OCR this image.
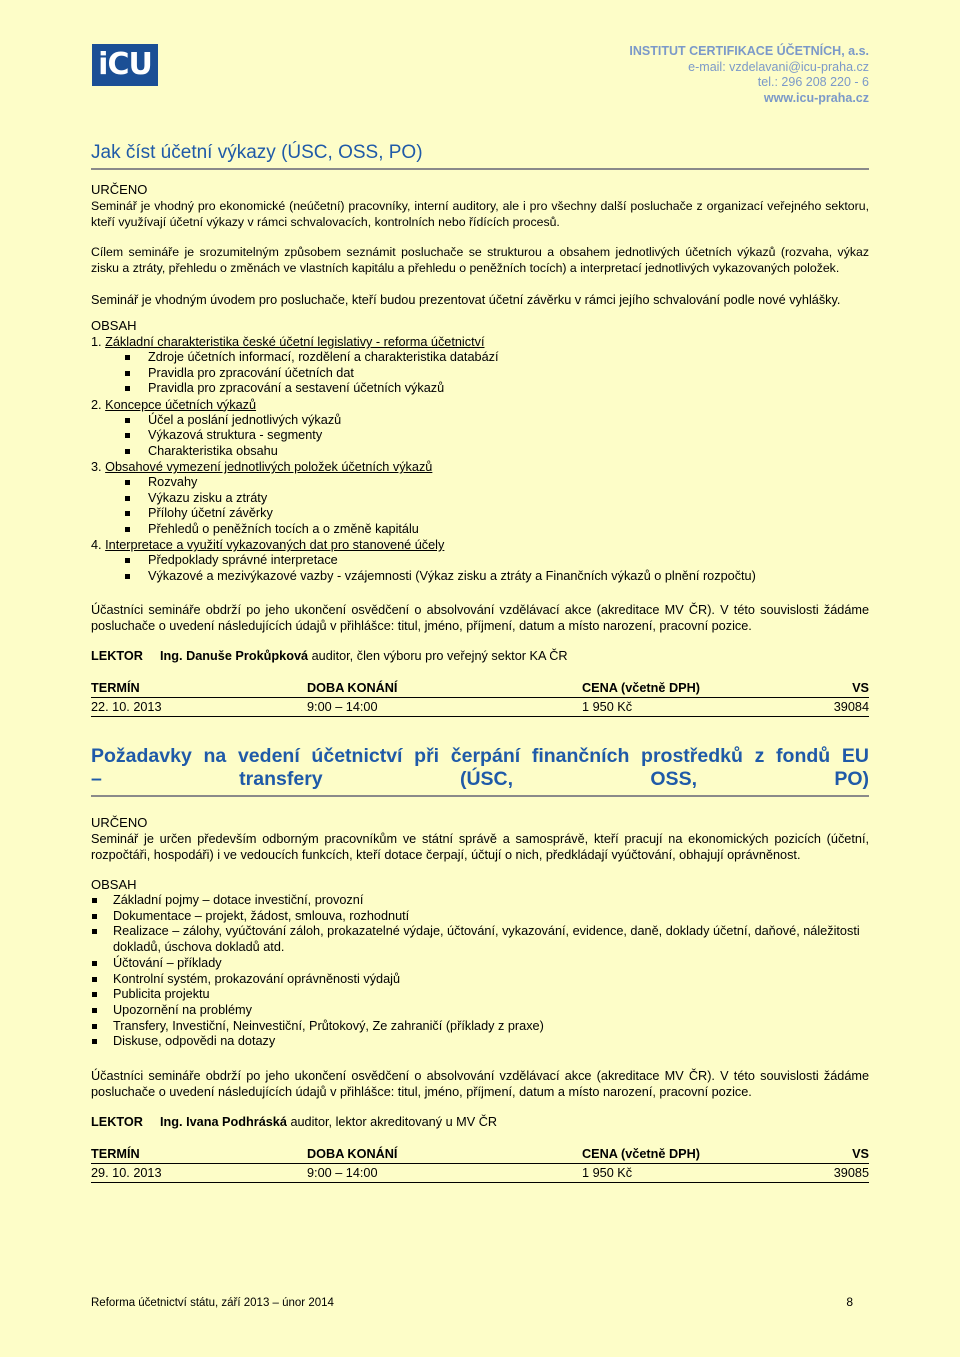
iCU	INSTITUT CERTIFIKACE ÚČETNÍCH, a.s.
e-mail: vzdelavani@icu-praha.cz
tel.: 296 208 220 - 6
www.icu-praha.cz
Jak číst účetní výkazy (ÚSC, OSS, PO)

URČENO

Seminář je vhodný pro ekonomické (neúčetní) pracovníky, interní auditory, ale i pro všechny další posluchače z organizací veřejného sektoru, kteří využívají účetní výkazy v rámci schvalovacích, kontrolních nebo řídících procesů.

Cílem semináře je srozumitelným způsobem seznámit posluchače se strukturou a obsahem jednotlivých účetních výkazů (rozvaha, výkaz zisku a ztráty, přehledu o změnách ve vlastních kapitálu a přehledu o peněžních tocích) a interpretací jednotlivých vykazovaných položek.

Seminář je vhodným úvodem pro posluchače, kteří budou prezentovat účetní závěrku v rámci jejího schvalování podle nové vyhlášky.

OBSAH

1. Základní charakteristika české účetní legislativy - reforma účetnictví

Zdroje účetních informací, rozdělení a charakteristika databází
Pravidla pro zpracování účetních dat
Pravidla pro zpracování a sestavení účetních výkazů

2. Koncepce účetních výkazů

Účel a poslání jednotlivých výkazů
Výkazová struktura - segmenty
Charakteristika obsahu

3. Obsahové vymezení jednotlivých položek účetních výkazů

Rozvahy
Výkazu zisku a ztráty
Přílohy účetní závěrky
Přehledů o peněžních tocích a o změně kapitálu

4. Interpretace a využití vykazovaných dat pro stanovené účely

Předpoklady správné interpretace
Výkazové a mezivýkazové vazby - vzájemnosti (Výkaz zisku a ztráty a Finančních výkazů o plnění rozpočtu)

Účastníci semináře obdrží po jeho ukončení osvědčení o absolvování vzdělávací akce (akreditace MV ČR). V této souvislosti žádáme posluchače o uvedení následujících údajů v přihlášce: titul, jméno, příjmení, datum a místo narození, pracovní pozice.

LEKTOR Ing. Danuše Prokůpková auditor, člen výboru pro veřejný sektor KA ČR

TERMÍN	DOBA KONÁNÍ	CENA (včetně DPH)	VS
22. 10. 2013	9:00 – 14:00	1 950 Kč	39084
Požadavky na vedení účetnictví při čerpání finančních prostředků z fondů EU
– transfery (ÚSC, OSS, PO)

URČENO

Seminář je určen především odborným pracovníkům ve státní správě a samosprávě, kteří pracují na ekonomických pozicích (účetní, rozpočtáři, hospodáři) i ve vedoucích funkcích, kteří dotace čerpají, účtují o nich, předkládají vyúčtování, obhajují oprávněnost.

OBSAH

Základní pojmy – dotace investiční, provozní
Dokumentace – projekt, žádost, smlouva, rozhodnutí
Realizace – zálohy, vyúčtování záloh, prokazatelné výdaje, účtování, vykazování, evidence, daně, doklady účetní, daňové, náležitosti dokladů, úschova dokladů atd.
Účtování – příklady
Kontrolní systém, prokazování oprávněnosti výdajů
Publicita projektu
Upozornění na problémy
Transfery, Investiční, Neinvestiční, Průtokový, Ze zahraničí (příklady z praxe)
Diskuse, odpovědi na dotazy

Účastníci semináře obdrží po jeho ukončení osvědčení o absolvování vzdělávací akce (akreditace MV ČR). V této souvislosti žádáme posluchače o uvedení následujících údajů v přihlášce: titul, jméno, příjmení, datum a místo narození, pracovní pozice.

LEKTOR Ing. Ivana Podhráská auditor, lektor akreditovaný u MV ČR

TERMÍN	DOBA KONÁNÍ	CENA (včetně DPH)	VS
29. 10. 2013	9:00 – 14:00	1 950 Kč	39085
Reforma účetnictví státu, září 2013 – únor 2014	8
